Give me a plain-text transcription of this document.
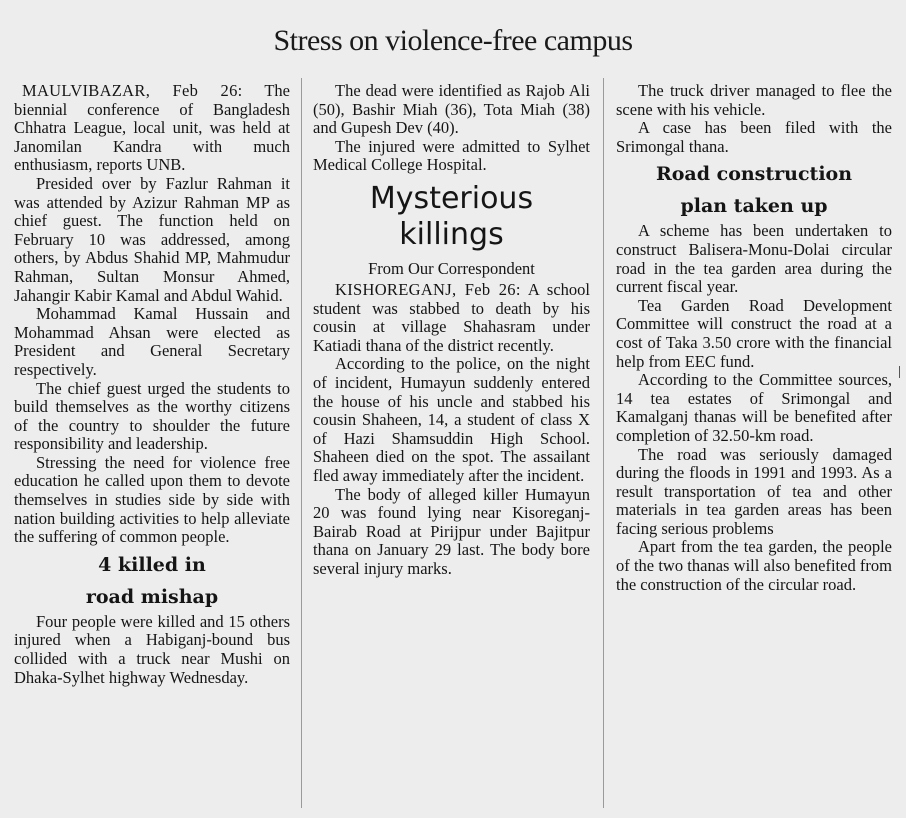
Stress on violence-free campus

MAULVIBAZAR, Feb 26: The biennial conference of Bangladesh Chhatra League, local unit, was held at Janomilan Kandra with much enthusiasm, reports UNB.

Presided over by Fazlur Rahman it was attended by Azizur Rahman MP as chief guest. The function held on February 10 was addressed, among others, by Abdus Shahid MP, Mahmudur Rahman, Sultan Monsur Ahmed, Jahangir Kabir Kamal and Abdul Wahid.

Mohammad Kamal Hussain and Mohammad Ahsan were elected as President and General Secretary respectively.

The chief guest urged the students to build themselves as the worthy citizens of the country to shoulder the future responsibility and leadership.

Stressing the need for violence free education he called upon them to devote themselves in studies side by side with nation building activities to help alleviate the suffering of common people.

4 killed in
road mishap

Four people were killed and 15 others injured when a Habiganj-bound bus collided with a truck near Mushi on Dhaka-Sylhet highway Wednesday.

The dead were identified as Rajob Ali (50), Bashir Miah (36), Tota Miah (38) and Gupesh Dev (40).

The injured were admitted to Sylhet Medical College Hospital.

Mysterious
killings
From Our Correspondent

KISHOREGANJ, Feb 26: A school student was stabbed to death by his cousin at village Shahasram under Katiadi thana of the district recently.

According to the police, on the night of incident, Humayun suddenly entered the house of his uncle and stabbed his cousin Shaheen, 14, a student of class X of Hazi Shamsuddin High School. Shaheen died on the spot. The assailant fled away immediately after the incident.

The body of alleged killer Humayun 20 was found lying near Kisoreganj-Bairab Road at Pirijpur under Bajitpur thana on January 29 last. The body bore several injury marks.

The truck driver managed to flee the scene with his vehicle.

A case has been filed with the Srimongal thana.

Road construction
plan taken up

A scheme has been undertaken to construct Balisera-Monu-Dolai circular road in the tea garden area during the current fiscal year.

Tea Garden Road Development Committee will construct the road at a cost of Taka 3.50 crore with the financial help from EEC fund.

According to the Committee sources, 14 tea estates of Srimongal and Kamalganj thanas will be benefited after completion of 32.50-km road.

The road was seriously damaged during the floods in 1991 and 1993. As a result transportation of tea and other materials in tea garden areas has been facing serious problems

Apart from the tea garden, the people of the two thanas will also benefited from the construction of the circular road.
